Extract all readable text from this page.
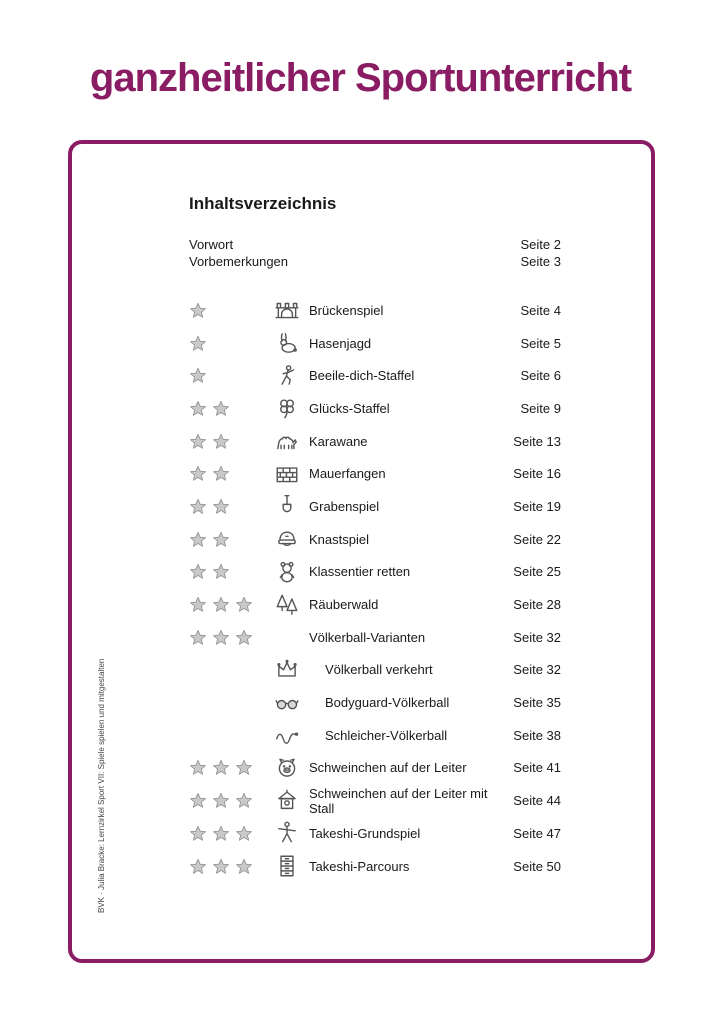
ganzheitlicher Sportunterricht
Inhaltsverzeichnis
Vorwort	Seite 2
Vorbemerkungen	Seite 3
Brückenspiel	Seite 4
Hasenjagd	Seite 5
Beeile-dich-Staffel	Seite 6
Glücks-Staffel	Seite 9
Karawane	Seite 13
Mauerfangen	Seite 16
Grabenspiel	Seite 19
Knastspiel	Seite 22
Klassentier retten	Seite 25
Räuberwald	Seite 28
Völkerball-Varianten	Seite 32
Völkerball verkehrt	Seite 32
Bodyguard-Völkerball	Seite 35
Schleicher-Völkerball	Seite 38
Schweinchen auf der Leiter	Seite 41
Schweinchen auf der Leiter mit Stall	Seite 44
Takeshi-Grundspiel	Seite 47
Takeshi-Parcours	Seite 50
BVK · Julia Bracke: Lernzirkel Sport VII: Spiele spielen und mitgestalten
